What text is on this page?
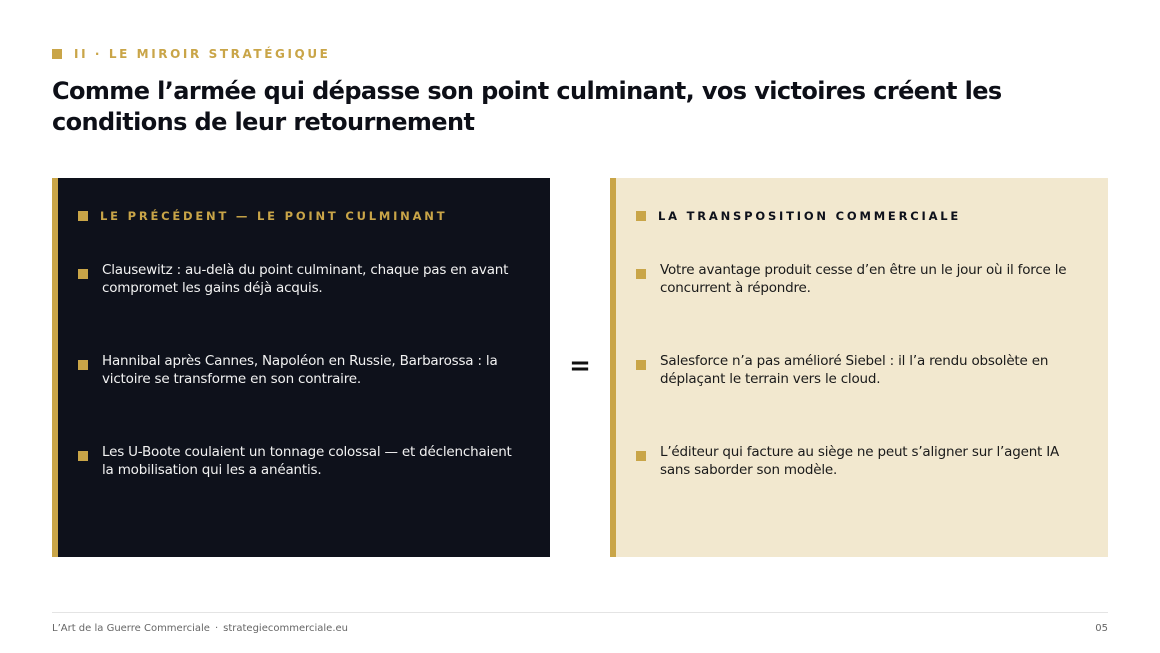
II · LE MIROIR STRATÉGIQUE
Comme l’armée qui dépasse son point culminant, vos victoires créent les conditions de leur retournement
LE PRÉCÉDENT — LE POINT CULMINANT
Clausewitz : au-delà du point culminant, chaque pas en avant compromet les gains déjà acquis.
Hannibal après Cannes, Napoléon en Russie, Barbarossa : la victoire se transforme en son contraire.
Les U-Boote coulaient un tonnage colossal — et déclenchaient la mobilisation qui les a anéantis.
=
LA TRANSPOSITION COMMERCIALE
Votre avantage produit cesse d’en être un le jour où il force le concurrent à répondre.
Salesforce n’a pas amélioré Siebel : il l’a rendu obsolète en déplaçant le terrain vers le cloud.
L’éditeur qui facture au siège ne peut s’aligner sur l’agent IA sans saborder son modèle.
L’Art de la Guerre Commerciale · strategiecommerciale.eu	05
